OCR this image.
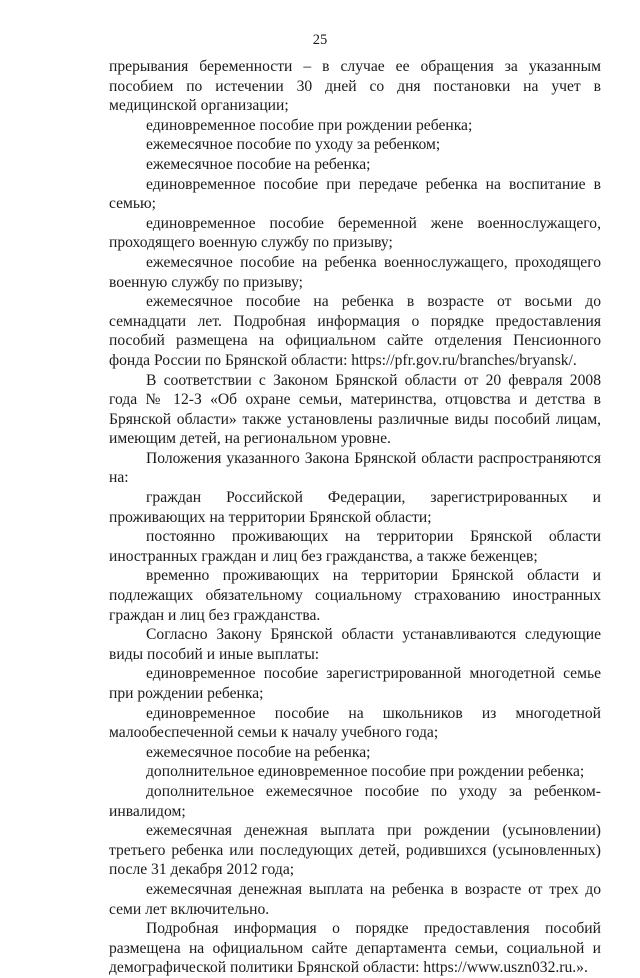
25

прерывания беременности – в случае ее обращения за указанным пособием по истечении 30 дней со дня постановки на учет в медицинской организации;

единовременное пособие при рождении ребенка;

ежемесячное пособие по уходу за ребенком;

ежемесячное пособие на ребенка;

единовременное пособие при передаче ребенка на воспитание в семью;

единовременное пособие беременной жене военнослужащего, проходящего военную службу по призыву;

ежемесячное пособие на ребенка военнослужащего, проходящего военную службу по призыву;

ежемесячное пособие на ребенка в возрасте от восьми до семнадцати лет. Подробная информация о порядке предоставления пособий размещена на официальном сайте отделения Пенсионного фонда России по Брянской области: https://pfr.gov.ru/branches/bryansk/.

В соответствии с Законом Брянской области от 20 февраля 2008 года № 12-З «Об охране семьи, материнства, отцовства и детства в Брянской области» также установлены различные виды пособий лицам, имеющим детей, на региональном уровне.

Положения указанного Закона Брянской области распространяются на:

граждан Российской Федерации, зарегистрированных и проживающих на территории Брянской области;

постоянно проживающих на территории Брянской области иностранных граждан и лиц без гражданства, а также беженцев;

временно проживающих на территории Брянской области и подлежащих обязательному социальному страхованию иностранных граждан и лиц без гражданства.

Согласно Закону Брянской области устанавливаются следующие виды пособий и иные выплаты:

единовременное пособие зарегистрированной многодетной семье при рождении ребенка;

единовременное пособие на школьников из многодетной малообеспеченной семьи к началу учебного года;

ежемесячное пособие на ребенка;

дополнительное единовременное пособие при рождении ребенка;

дополнительное ежемесячное пособие по уходу за ребенком-инвалидом;

ежемесячная денежная выплата при рождении (усыновлении) третьего ребенка или последующих детей, родившихся (усыновленных) после 31 декабря 2012 года;

ежемесячная денежная выплата на ребенка в возрасте от трех до семи лет включительно.

Подробная информация о порядке предоставления пособий размещена на официальном сайте департамента семьи, социальной и демографической политики Брянской области: https://www.uszn032.ru.».
